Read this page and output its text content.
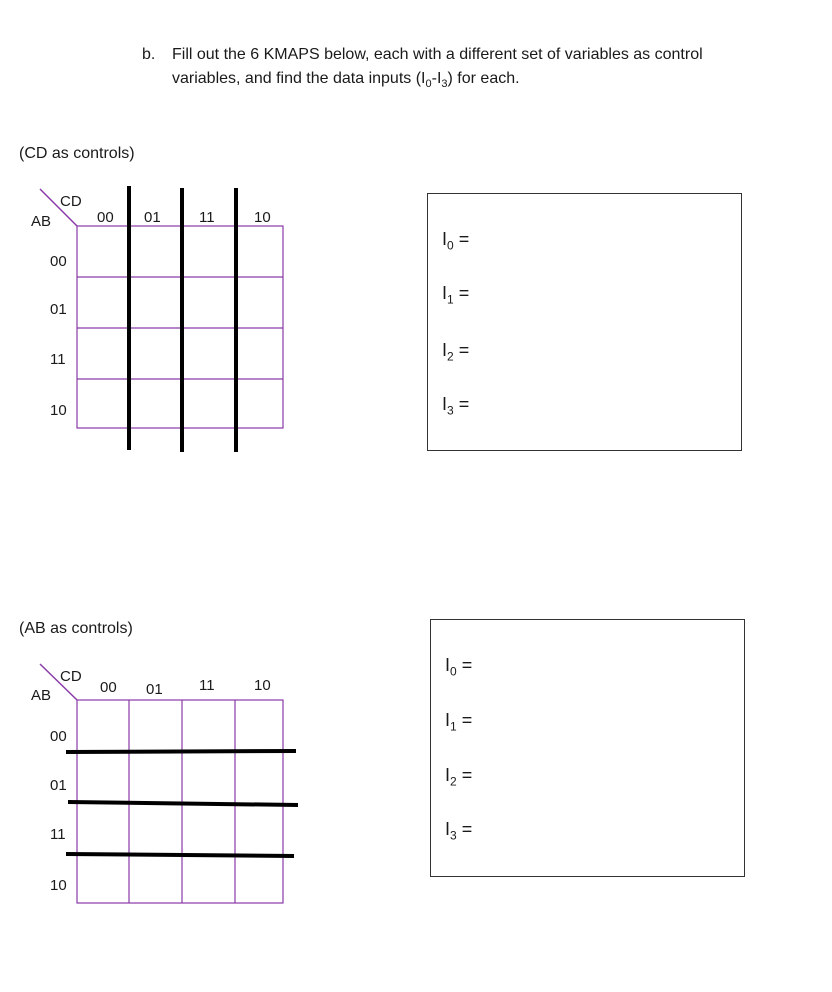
b. Fill out the 6 KMAPS below, each with a different set of variables as control
variables, and find the data inputs $(I_0-I_3)$ for each.
(CD as controls)
(AB as controls)
CD
AB	00 01	11	10
00
01
11
10
$I_0$ =
$I_1$ =
$I_2$ =
$I_3$ =
CD
AB	00 01 11	10
00
01
11
10
$I_0$ =
$I_1$ =
$I_2$ =
$I_3$ =
